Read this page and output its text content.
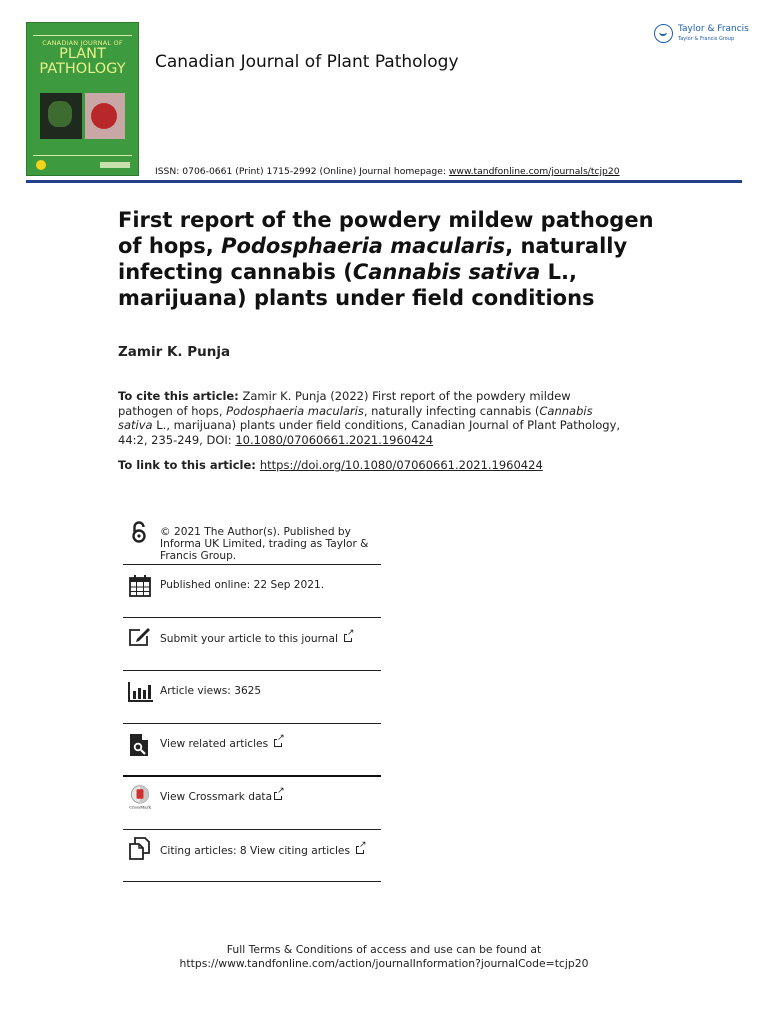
CANADIAN JOURNAL OF
PLANT
PATHOLOGY	Canadian Journal of Plant Pathology
ISSN: 0706-0661 (Print) 1715-2992 (Online) Journal homepage: www.tandfonline.com/journals/tcjp20
Taylor & Francis
Taylor & Francis Group
First report of the powdery mildew pathogen of hops, Podosphaeria macularis, naturally infecting cannabis (Cannabis sativa L., marijuana) plants under field conditions
Zamir K. Punja
To cite this article: Zamir K. Punja (2022) First report of the powdery mildew pathogen of hops, Podosphaeria macularis, naturally infecting cannabis (Cannabis sativa L., marijuana) plants under field conditions, Canadian Journal of Plant Pathology, 44:2, 235-249, DOI: 10.1080/07060661.2021.1960424
To link to this article: https://doi.org/10.1080/07060661.2021.1960424
© 2021 The Author(s). Published by Informa UK Limited, trading as Taylor & Francis Group.
Published online: 22 Sep 2021.
Submit your article to this journal↗
Article views: 3625
View related articles↗
CrossMark
View Crossmark data↗
Citing articles: 8 View citing articles↗
Full Terms & Conditions of access and use can be found at
https://www.tandfonline.com/action/journalInformation?journalCode=tcjp20
